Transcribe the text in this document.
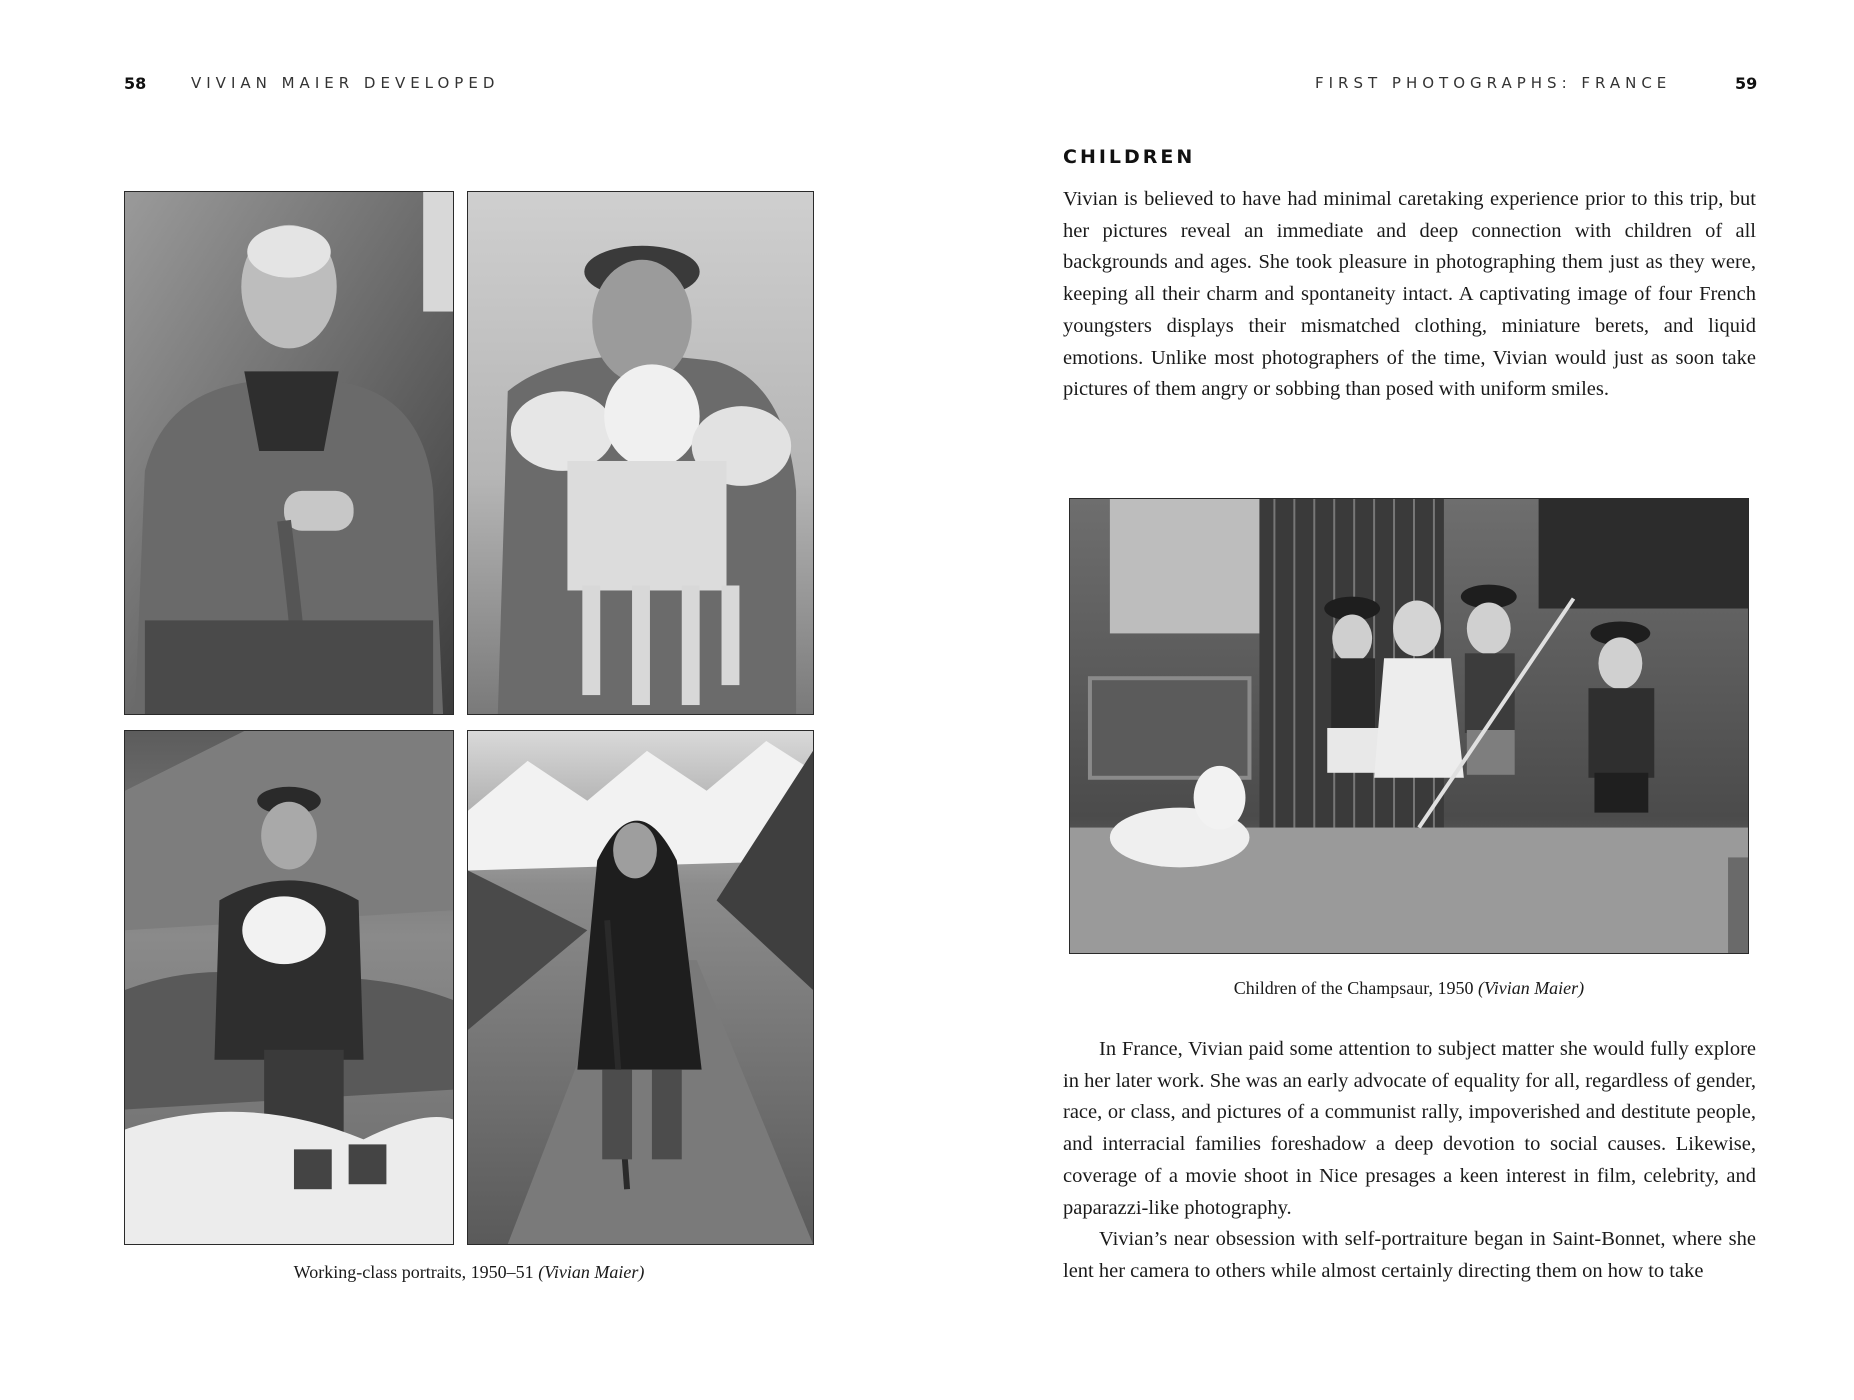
58	VIVIAN MAIER DEVELOPED
Working-class portraits, 1950–51 (Vivian Maier)
FIRST PHOTOGRAPHS: FRANCE	59
CHILDREN

Vivian is believed to have had minimal caretaking experience prior to this trip, but her pictures reveal an immediate and deep connection with children of all backgrounds and ages. She took pleasure in photographing them just as they were, keeping all their charm and spontaneity intact. A captivating image of four French youngsters displays their mismatched clothing, miniature berets, and liquid emotions. Unlike most photographers of the time, Vivian would just as soon take pictures of them angry or sobbing than posed with uniform smiles.

Children of the Champsaur, 1950 (Vivian Maier)

In France, Vivian paid some attention to subject matter she would fully explore in her later work. She was an early advocate of equality for all, regardless of gender, race, or class, and pictures of a communist rally, impoverished and destitute people, and interracial families foreshadow a deep devotion to social causes. Likewise, coverage of a movie shoot in Nice presages a keen interest in film, celebrity, and paparazzi-like photography.

Vivian’s near obsession with self-portraiture began in Saint-Bonnet, where she lent her camera to others while almost certainly directing them on how to take
